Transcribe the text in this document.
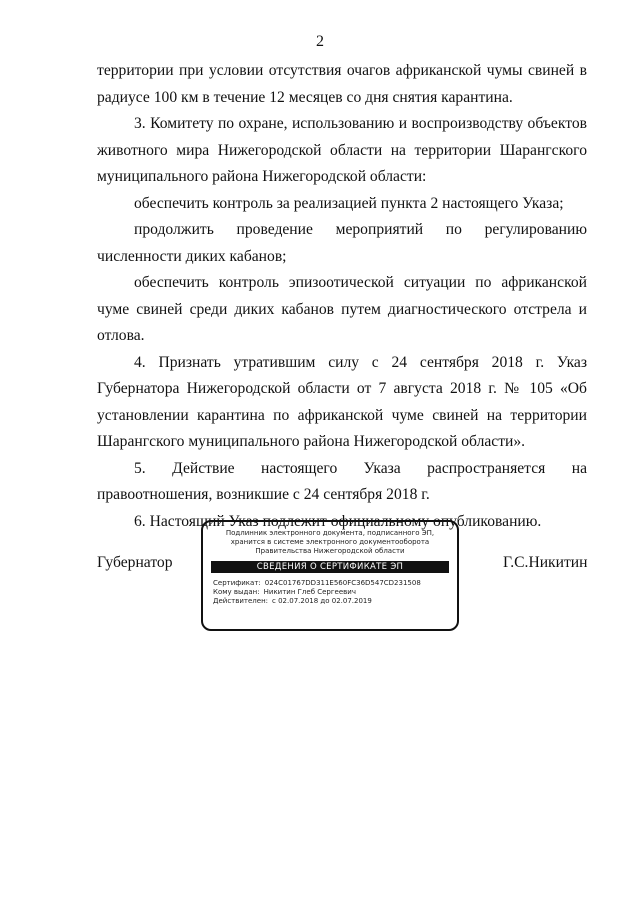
2

территории при условии отсутствия очагов африканской чумы свиней в радиусе 100 км в течение 12 месяцев со дня снятия карантина.

3. Комитету по охране, использованию и воспроизводству объектов животного мира Нижегородской области на территории Шарангского муниципального района Нижегородской области:

обеспечить контроль за реализацией пункта 2 настоящего Указа;

продолжить проведение мероприятий по регулированию численности диких кабанов;

обеспечить контроль эпизоотической ситуации по африканской чуме свиней среди диких кабанов путем диагностического отстрела и отлова.

4. Признать утратившим силу с 24 сентября 2018 г. Указ Губернатора Нижегородской области от 7 августа 2018 г. № 105 «Об установлении карантина по африканской чуме свиней на территории Шарангского муниципального района Нижегородской области».

5. Действие настоящего Указа распространяется на правоотношения, возникшие с 24 сентября 2018 г.

6. Настоящий Указ подлежит официальному опубликованию.

Губернатор	Г.С.Никитин
Подлинник электронного документа, подписанного ЭП,
хранится в системе электронного документооборота
Правительства Нижегородской области
СВЕДЕНИЯ О СЕРТИФИКАТЕ ЭП
Сертификат: 024C01767DD311E560FC36D547CD231508
Кому выдан: Никитин Глеб Сергеевич
Действителен: с 02.07.2018 до 02.07.2019
